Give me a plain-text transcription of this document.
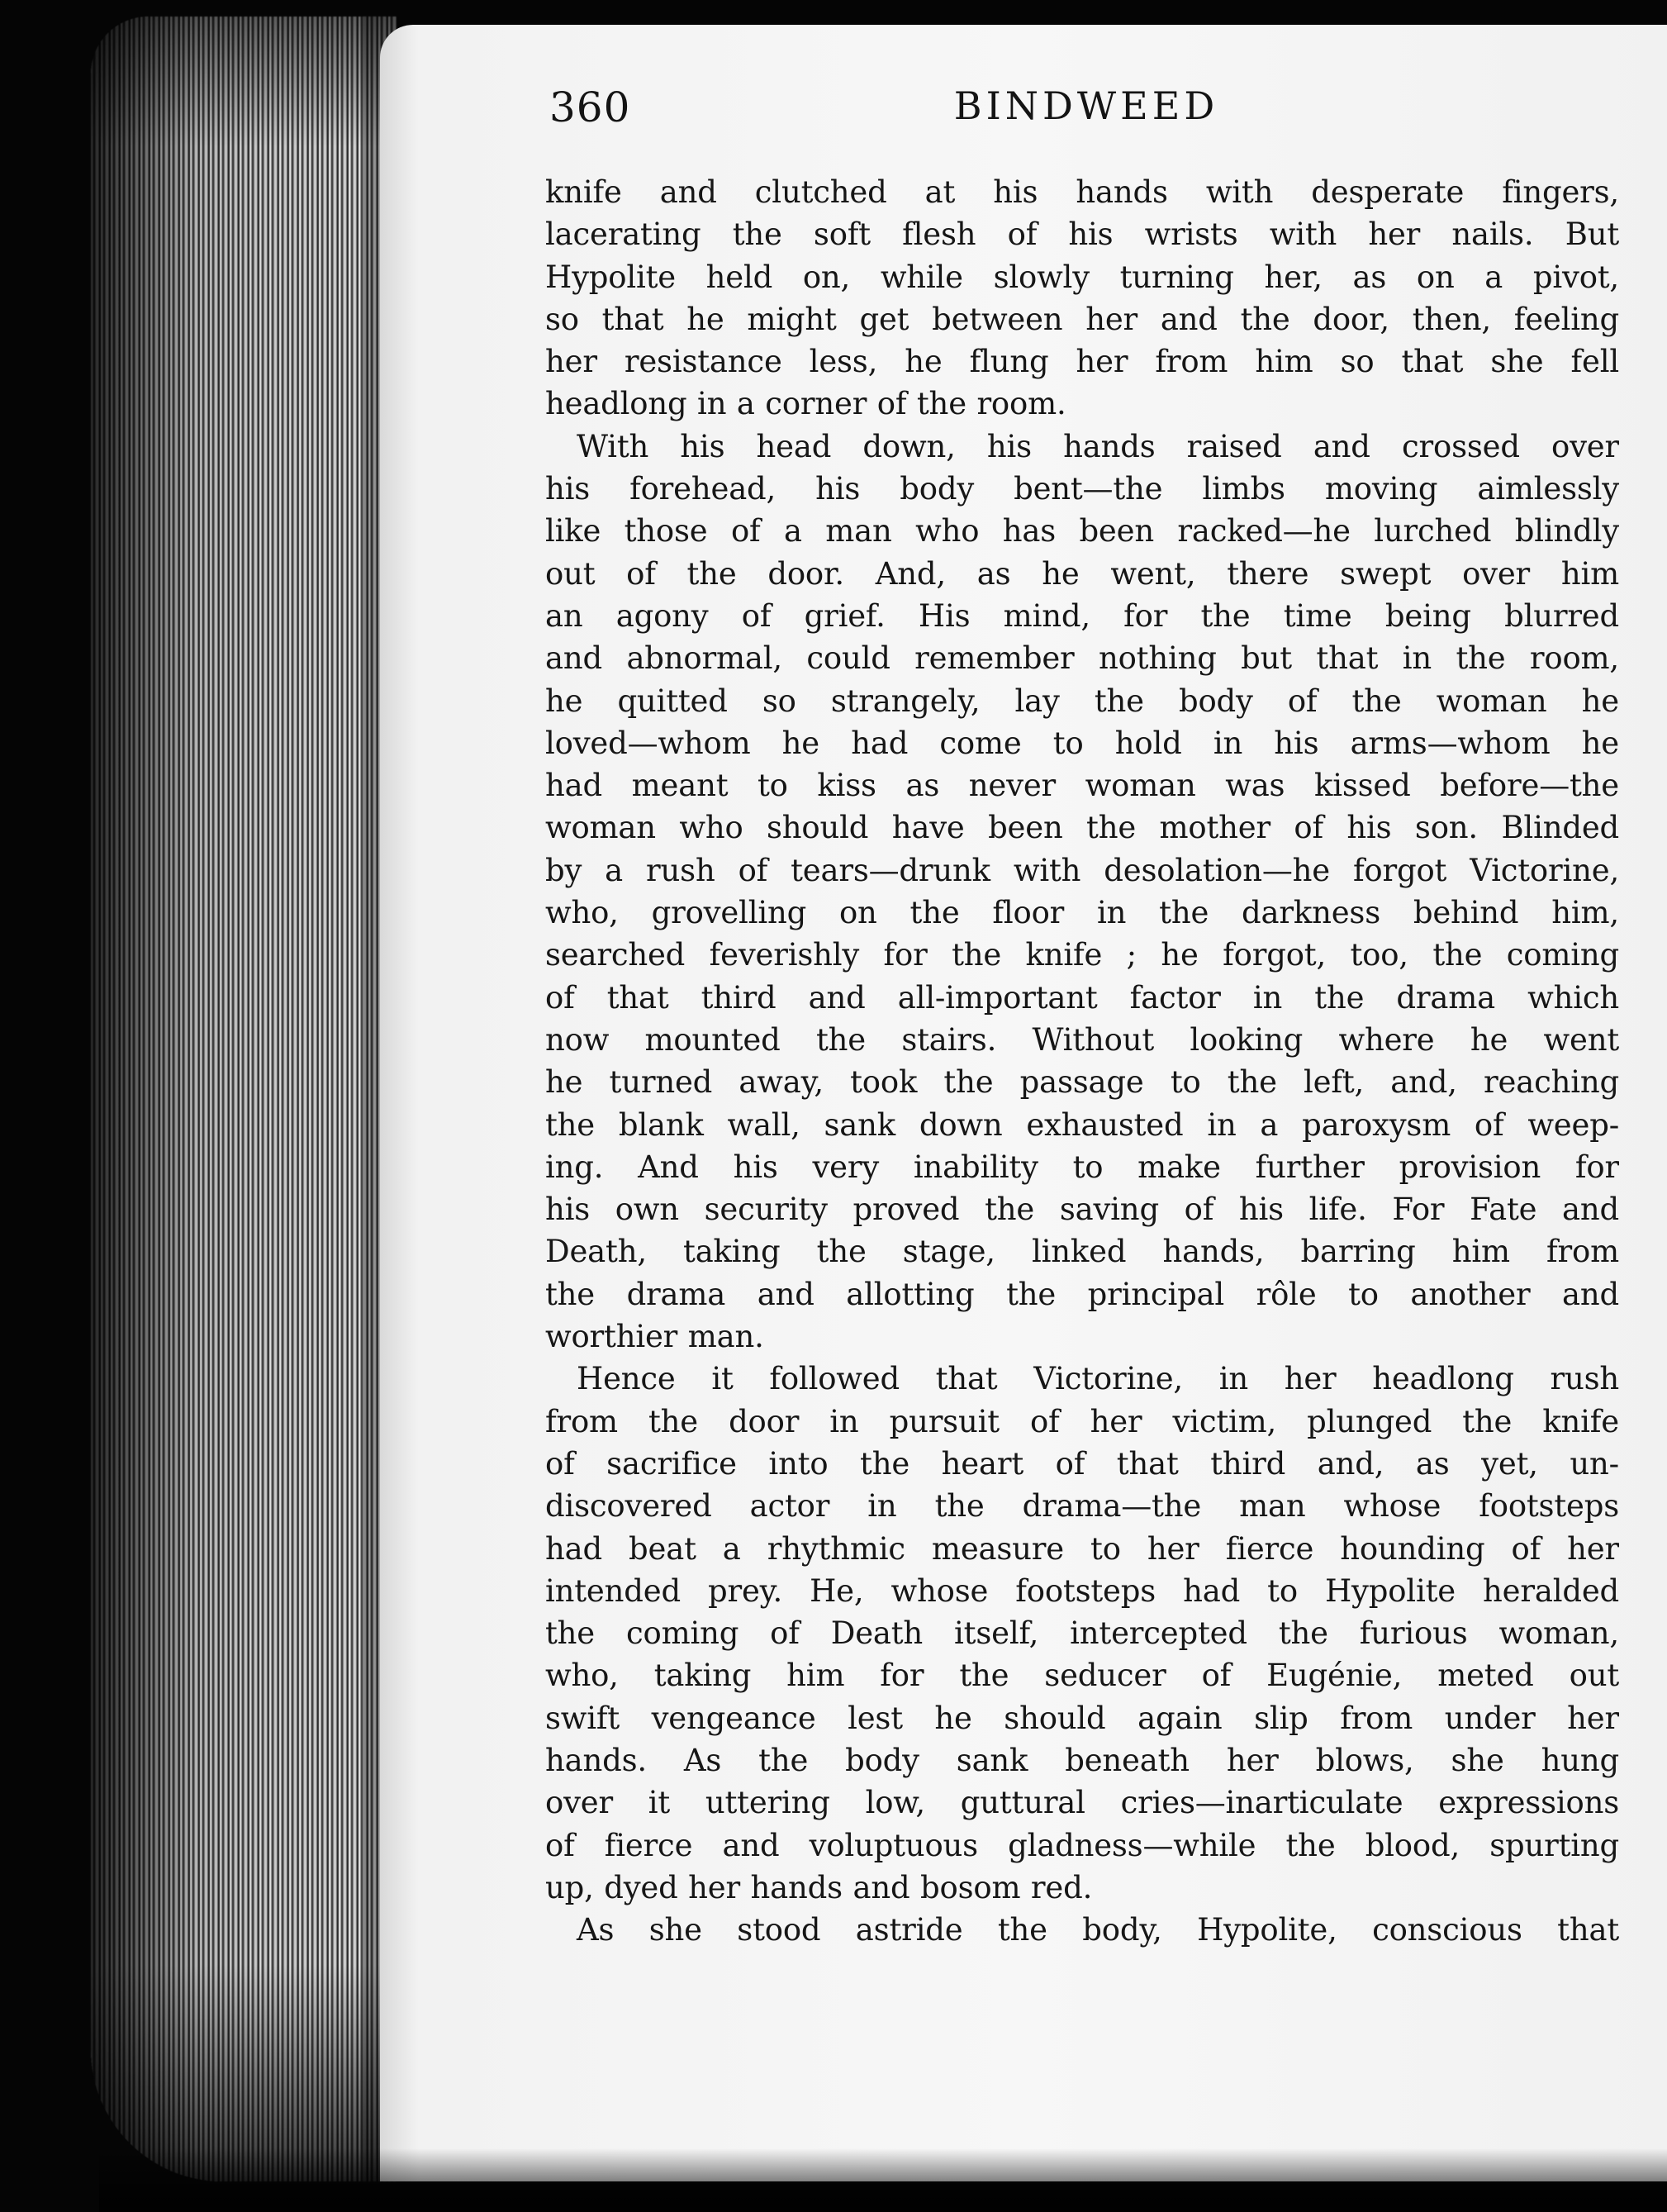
360	BINDWEED
knife and clutched at his hands with desperate fingers,
lacerating the soft flesh of his wrists with her nails. But
Hypolite held on, while slowly turning her, as on a pivot,
so that he might get between her and the door, then, feeling
her resistance less, he flung her from him so that she fell
headlong in a corner of the room.
With his head down, his hands raised and crossed over
his forehead, his body bent—the limbs moving aimlessly
like those of a man who has been racked—he lurched blindly
out of the door. And, as he went, there swept over him
an agony of grief. His mind, for the time being blurred
and abnormal, could remember nothing but that in the room,
he quitted so strangely, lay the body of the woman he
loved—whom he had come to hold in his arms—whom he
had meant to kiss as never woman was kissed before—the
woman who should have been the mother of his son. Blinded
by a rush of tears—drunk with desolation—he forgot Victorine,
who, grovelling on the floor in the darkness behind him,
searched feverishly for the knife ; he forgot, too, the coming
of that third and all-important factor in the drama which
now mounted the stairs. Without looking where he went
he turned away, took the passage to the left, and, reaching
the blank wall, sank down exhausted in a paroxysm of weep-
ing. And his very inability to make further provision for
his own security proved the saving of his life. For Fate and
Death, taking the stage, linked hands, barring him from
the drama and allotting the principal rôle to another and
worthier man.
Hence it followed that Victorine, in her headlong rush
from the door in pursuit of her victim, plunged the knife
of sacrifice into the heart of that third and, as yet, un-
discovered actor in the drama—the man whose footsteps
had beat a rhythmic measure to her fierce hounding of her
intended prey. He, whose footsteps had to Hypolite heralded
the coming of Death itself, intercepted the furious woman,
who, taking him for the seducer of Eugénie, meted out
swift vengeance lest he should again slip from under her
hands. As the body sank beneath her blows, she hung
over it uttering low, guttural cries—inarticulate expressions
of fierce and voluptuous gladness—while the blood, spurting
up, dyed her hands and bosom red.
As she stood astride the body, Hypolite, conscious that
